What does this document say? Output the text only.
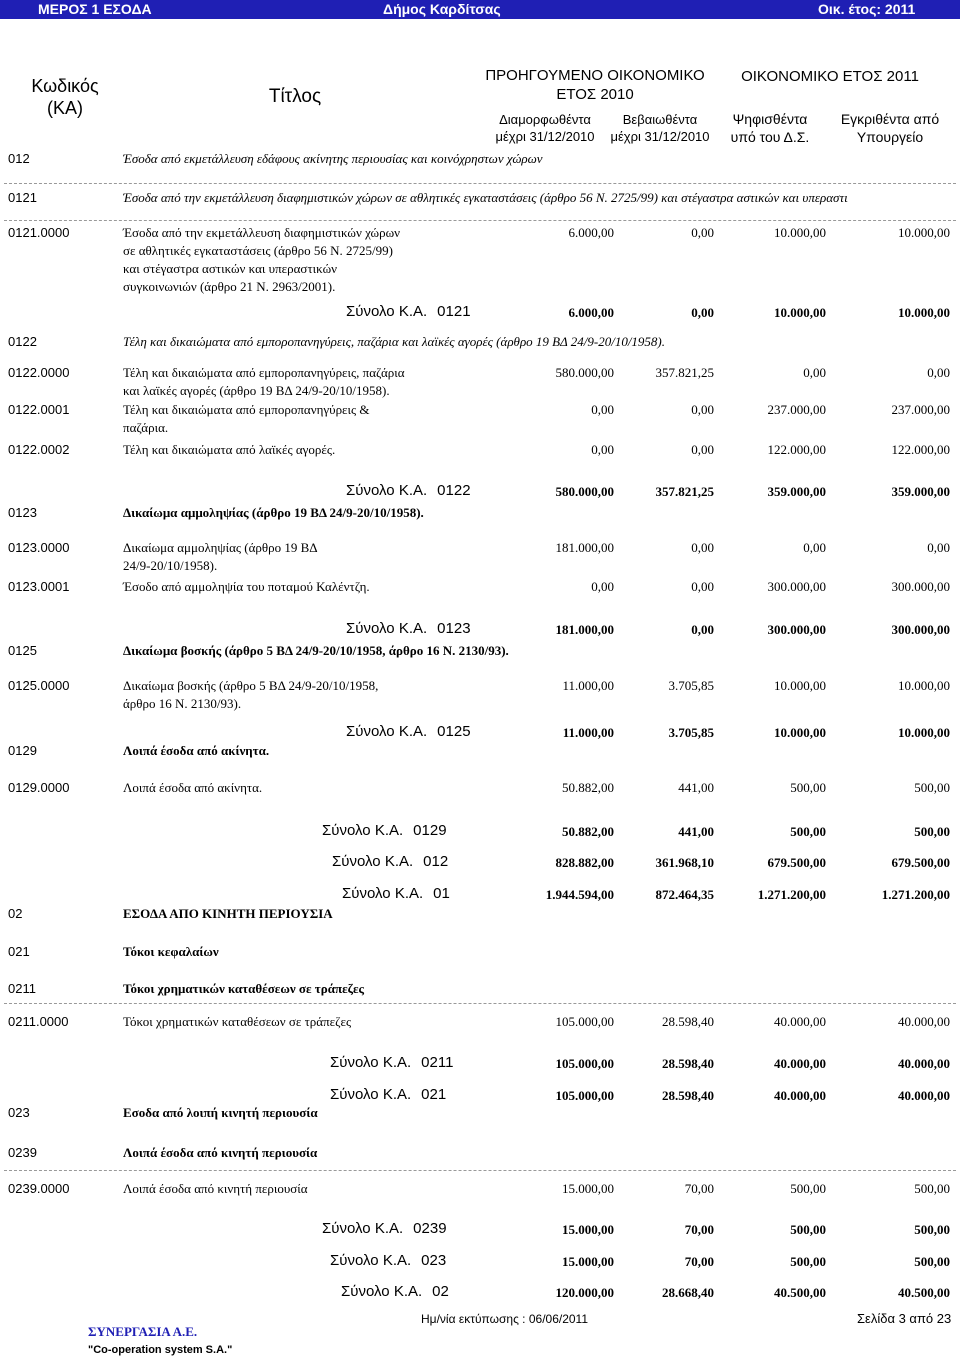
ΜΕΡΟΣ 1 ΕΣΟΔΑ	Δήμος Καρδίτσας	Οικ. έτος: 2011
Κωδικός
(ΚΑ)
Τίτλος
ΠΡΟΗΓΟΥΜΕΝΟ ΟΙΚΟΝΟΜΙΚΟ
ΕΤΟΣ 2010
Διαμορφωθέντα
μέχρι 31/12/2010
Βεβαιωθέντα
μέχρι 31/12/2010
ΟΙΚΟΝΟΜΙΚΟ ΕΤΟΣ 2011
Ψηφισθέντα
υπό του Δ.Σ.
Εγκριθέντα από
Υπουργείο
012	Έσοδα από εκμετάλλευση εδάφους ακίνητης περιουσίας και κοινόχρηστων χώρων
0121	Έσοδα από την εκμετάλλευση διαφημιστικών χώρων σε αθλητικές εγκαταστάσεις (άρθρο 56 Ν. 2725/99) και στέγαστρα αστικών και υπεραστι
0122	Τέλη και δικαιώματα από εμποροπανηγύρεις, παζάρια και λαϊκές αγορές (άρθρο 19 ΒΔ 24/9-20/10/1958).
0123	Δικαίωμα αμμοληψίας (άρθρο 19 ΒΔ 24/9-20/10/1958).
0125	Δικαίωμα βοσκής (άρθρο 5 ΒΔ 24/9-20/10/1958, άρθρο 16 Ν. 2130/93).
0129	Λοιπά έσοδα από ακίνητα.
02	ΕΣΟΔΑ ΑΠΟ ΚΙΝΗΤΗ ΠΕΡΙΟΥΣΙΑ
021	Τόκοι κεφαλαίων
0211	Τόκοι χρηματικών καταθέσεων σε τράπεζες
023	Εσοδα από λοιπή κινητή περιουσία
0239	Λοιπά έσοδα από κινητή περιουσία
0121.0000	Έσοδα από την εκμετάλλευση διαφημιστικών χώρων
σε αθλητικές εγκαταστάσεις (άρθρο 56 Ν. 2725/99)
και στέγαστρα αστικών και υπεραστικών
συγκοινωνιών (άρθρο 21 Ν. 2963/2001).
6.000,00	0,00	10.000,00	10.000,00
0122.0000	Τέλη και δικαιώματα από εμποροπανηγύρεις, παζάρια
και λαϊκές αγορές (άρθρο 19 ΒΔ 24/9-20/10/1958).
580.000,00	357.821,25	0,00	0,00
0122.0001	Τέλη και δικαιώματα από εμποροπανηγύρεις &
παζάρια.
0,00	0,00	237.000,00	237.000,00
0122.0002	Τέλη και δικαιώματα από λαϊκές αγορές.	0,00	0,00	122.000,00	122.000,00
0123.0000	Δικαίωμα αμμοληψίας (άρθρο 19 ΒΔ
24/9-20/10/1958).
181.000,00	0,00	0,00	0,00
0123.0001	Έσοδο από αμμοληψία του ποταμού Καλέντζη.	0,00	0,00	300.000,00	300.000,00
0125.0000	Δικαίωμα βοσκής (άρθρο 5 ΒΔ 24/9-20/10/1958,
άρθρο 16 Ν. 2130/93).
11.000,00	3.705,85	10.000,00	10.000,00
0129.0000	Λοιπά έσοδα από ακίνητα.	50.882,00	441,00	500,00	500,00
0211.0000	Τόκοι χρηματικών καταθέσεων σε τράπεζες	105.000,00	28.598,40	40.000,00	40.000,00
0239.0000	Λοιπά έσοδα από κινητή περιουσία	15.000,00	70,00	500,00	500,00
Σύνολο Κ.Α. 0121	6.000,00	0,00	10.000,00	10.000,00
Σύνολο Κ.Α. 0122	580.000,00	357.821,25	359.000,00	359.000,00
Σύνολο Κ.Α. 0123	181.000,00	0,00	300.000,00	300.000,00
Σύνολο Κ.Α. 0125	11.000,00	3.705,85	10.000,00	10.000,00
Σύνολο Κ.Α. 0129	50.882,00	441,00	500,00	500,00
Σύνολο Κ.Α. 012	828.882,00	361.968,10	679.500,00	679.500,00
Σύνολο Κ.Α. 01	1.944.594,00	872.464,35	1.271.200,00	1.271.200,00
Σύνολο Κ.Α. 0211	105.000,00	28.598,40	40.000,00	40.000,00
Σύνολο Κ.Α. 021	105.000,00	28.598,40	40.000,00	40.000,00
Σύνολο Κ.Α. 0239	15.000,00	70,00	500,00	500,00
Σύνολο Κ.Α. 023	15.000,00	70,00	500,00	500,00
Σύνολο Κ.Α. 02	120.000,00	28.668,40	40.500,00	40.500,00
ΣΥΝΕΡΓΑΣΙΑ Α.Ε.
"Co-operation system S.A."
Ημ/νία εκτύπωσης : 06/06/2011	Σελίδα 3 από 23
